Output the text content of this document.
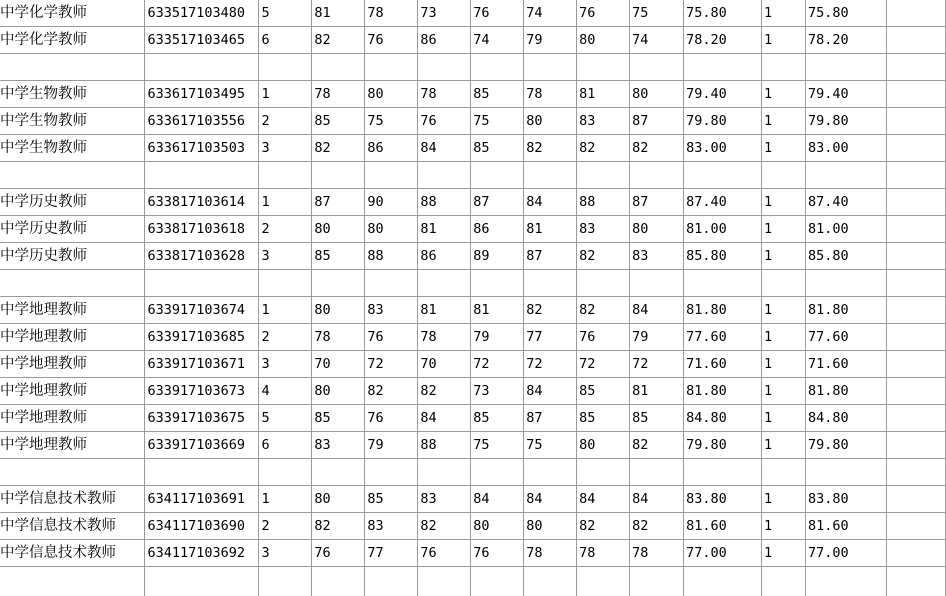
中学化学教师	633517103480	5	81	78	73	76	74	76	75	75.80	1	75.80	
中学化学教师	633517103465	6	82	76	86	74	79	80	74	78.20	1	78.20	

中学生物教师	633617103495	1	78	80	78	85	78	81	80	79.40	1	79.40	
中学生物教师	633617103556	2	85	75	76	75	80	83	87	79.80	1	79.80	
中学生物教师	633617103503	3	82	86	84	85	82	82	82	83.00	1	83.00	

中学历史教师	633817103614	1	87	90	88	87	84	88	87	87.40	1	87.40	
中学历史教师	633817103618	2	80	80	81	86	81	83	80	81.00	1	81.00	
中学历史教师	633817103628	3	85	88	86	89	87	82	83	85.80	1	85.80	

中学地理教师	633917103674	1	80	83	81	81	82	82	84	81.80	1	81.80	
中学地理教师	633917103685	2	78	76	78	79	77	76	79	77.60	1	77.60	
中学地理教师	633917103671	3	70	72	70	72	72	72	72	71.60	1	71.60	
中学地理教师	633917103673	4	80	82	82	73	84	85	81	81.80	1	81.80	
中学地理教师	633917103675	5	85	76	84	85	87	85	85	84.80	1	84.80	
中学地理教师	633917103669	6	83	79	88	75	75	80	82	79.80	1	79.80	

中学信息技术教师	634117103691	1	80	85	83	84	84	84	84	83.80	1	83.80	
中学信息技术教师	634117103690	2	82	83	82	80	80	82	82	81.60	1	81.60	
中学信息技术教师	634117103692	3	76	77	76	76	78	78	78	77.00	1	77.00	
